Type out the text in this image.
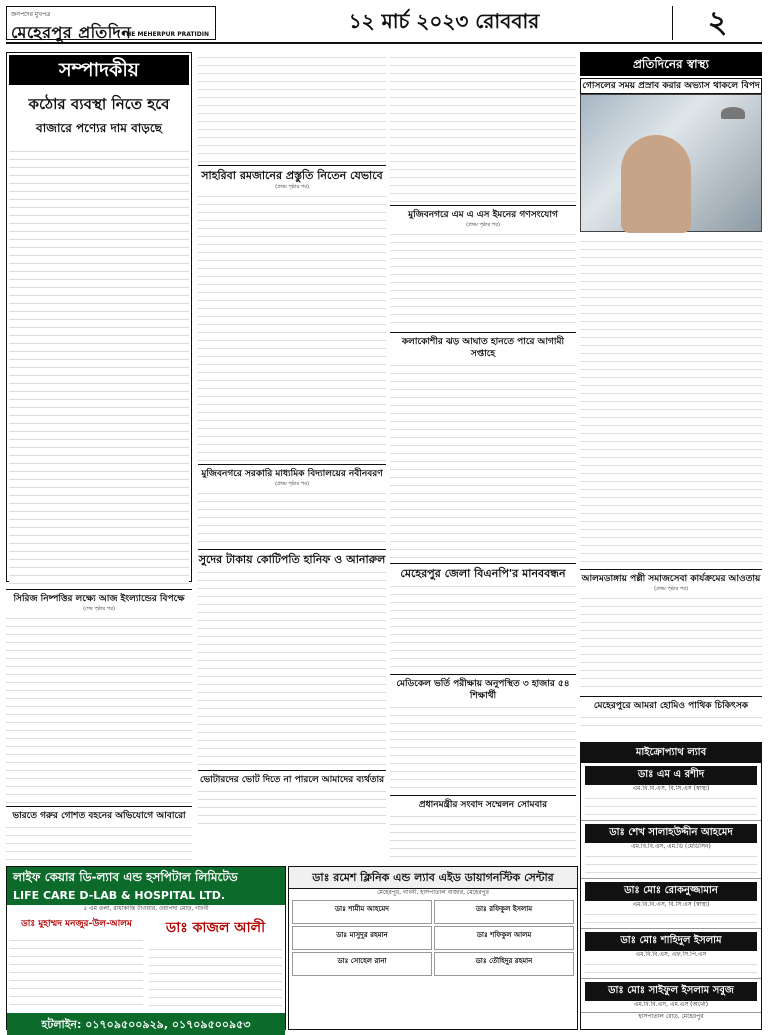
জনপদের মুখপত্র
মেহেরপুর প্রতিদিন
THE MEHERPUR PRATIDIN
১২ মার্চ ২০২৩ রোববার	২
সম্পাদকীয়
কঠোর ব্যবস্থা নিতে হবে
বাজারে পণ্যের দাম বাড়ছে
সিরিজ নিষ্পত্তির লক্ষ্যে আজ ইংল্যান্ডের বিপক্ষে
(শেষ পৃষ্ঠার পর)
ভারতে গরুর গোশত বহনের অভিযোগে আবারো
সাহরিবা রমজানের প্রস্তুতি নিতেন যেভাবে
(প্রথম পৃষ্ঠার পর)
মুজিবনগরে সরকারি মাধ্যমিক বিদ্যালয়ের নবীনবরণ
(প্রথম পৃষ্ঠার পর)
সুদের টাকায় কোটিপতি হানিফ ও আনারুল
ভোটারদের ভোট দিতে না পারলে আমাদের ব্যর্থতার
মুজিবনগরে এম এ এস ইমনের গণসংযোগ
(প্রথম পৃষ্ঠার পর)
কলাকোশীর ঝড় আঘাত হানতে পারে আগামী সপ্তাহে
মেহেরপুর জেলা বিএনপি'র মানববন্ধন
মেডিকেল ভর্তি পরীক্ষায় অনুপস্থিত ৩ হাজার ৫৪ শিক্ষার্থী
প্রধানমন্ত্রীর সংবাদ সম্মেলন সোমবার
প্রতিদিনের স্বাস্থ্য
গোসলের সময় প্রস্রাব করার অভ্যাস থাকলে বিপদ
আলমডাঙ্গায় পল্লী সমাজসেবা কার্যক্রমের আওতায়
(প্রথম পৃষ্ঠার পর)
মেহেরপুরে আমরা হোমিও পাথিক চিকিৎসক
লাইফ কেয়ার ডি-ল্যাব এন্ড হসপিটাল লিমিটেড
LIFE CARE D-LAB & HOSPITAL LTD.
৫ এম তলা, রাধাকান্তি টাওয়ার, ওয়াপদা মোড়, গাংনী
ডাঃ মুহাম্মদ মনজুর-উল-আলম	ডাঃ কাজল আলী
হটলাইন: ০১৭০৯৫০০৯২৯, ০১৭০৯৫০০৯৫৩
ডাঃ রমেশ ক্লিনিক এন্ড ল্যাব এইড ডায়াগনস্টিক সেন্টার
মেহেরপুর, গাংনী, হাসপাতাল বাজার, মেহেরপুর
ডাঃ শামীম আহমেদ	ডাঃ রফিকুল ইসলাম
ডাঃ মাসুদুর রহমান	ডাঃ শফিকুল আলম
ডাঃ সোহেল রানা	ডাঃ তৌহিদুর রহমান
মাইক্রোপ্যাথ ল্যাব
ডাঃ এম এ রশীদ
এম.বি.বি.এস, বি.সি.এস (স্বাস্থ্য)
ডাঃ শেখ সালাহউদ্দীন আহমেদ
এম.বি.বি.এস, এম.ডি (মেডিসিন)
ডাঃ মোঃ রোকনুজ্জামান
এম.বি.বি.এস, বি.সি.এস (স্বাস্থ্য)
ডাঃ মোঃ শাহিদুল ইসলাম
এম.বি.বি.এস, এফ.সি.পি.এস
ডাঃ মোঃ সাইফুল ইসলাম সবুজ
এম.বি.বি.এস, এম.এস (অর্থো)
হাসপাতাল রোড, মেহেরপুর
